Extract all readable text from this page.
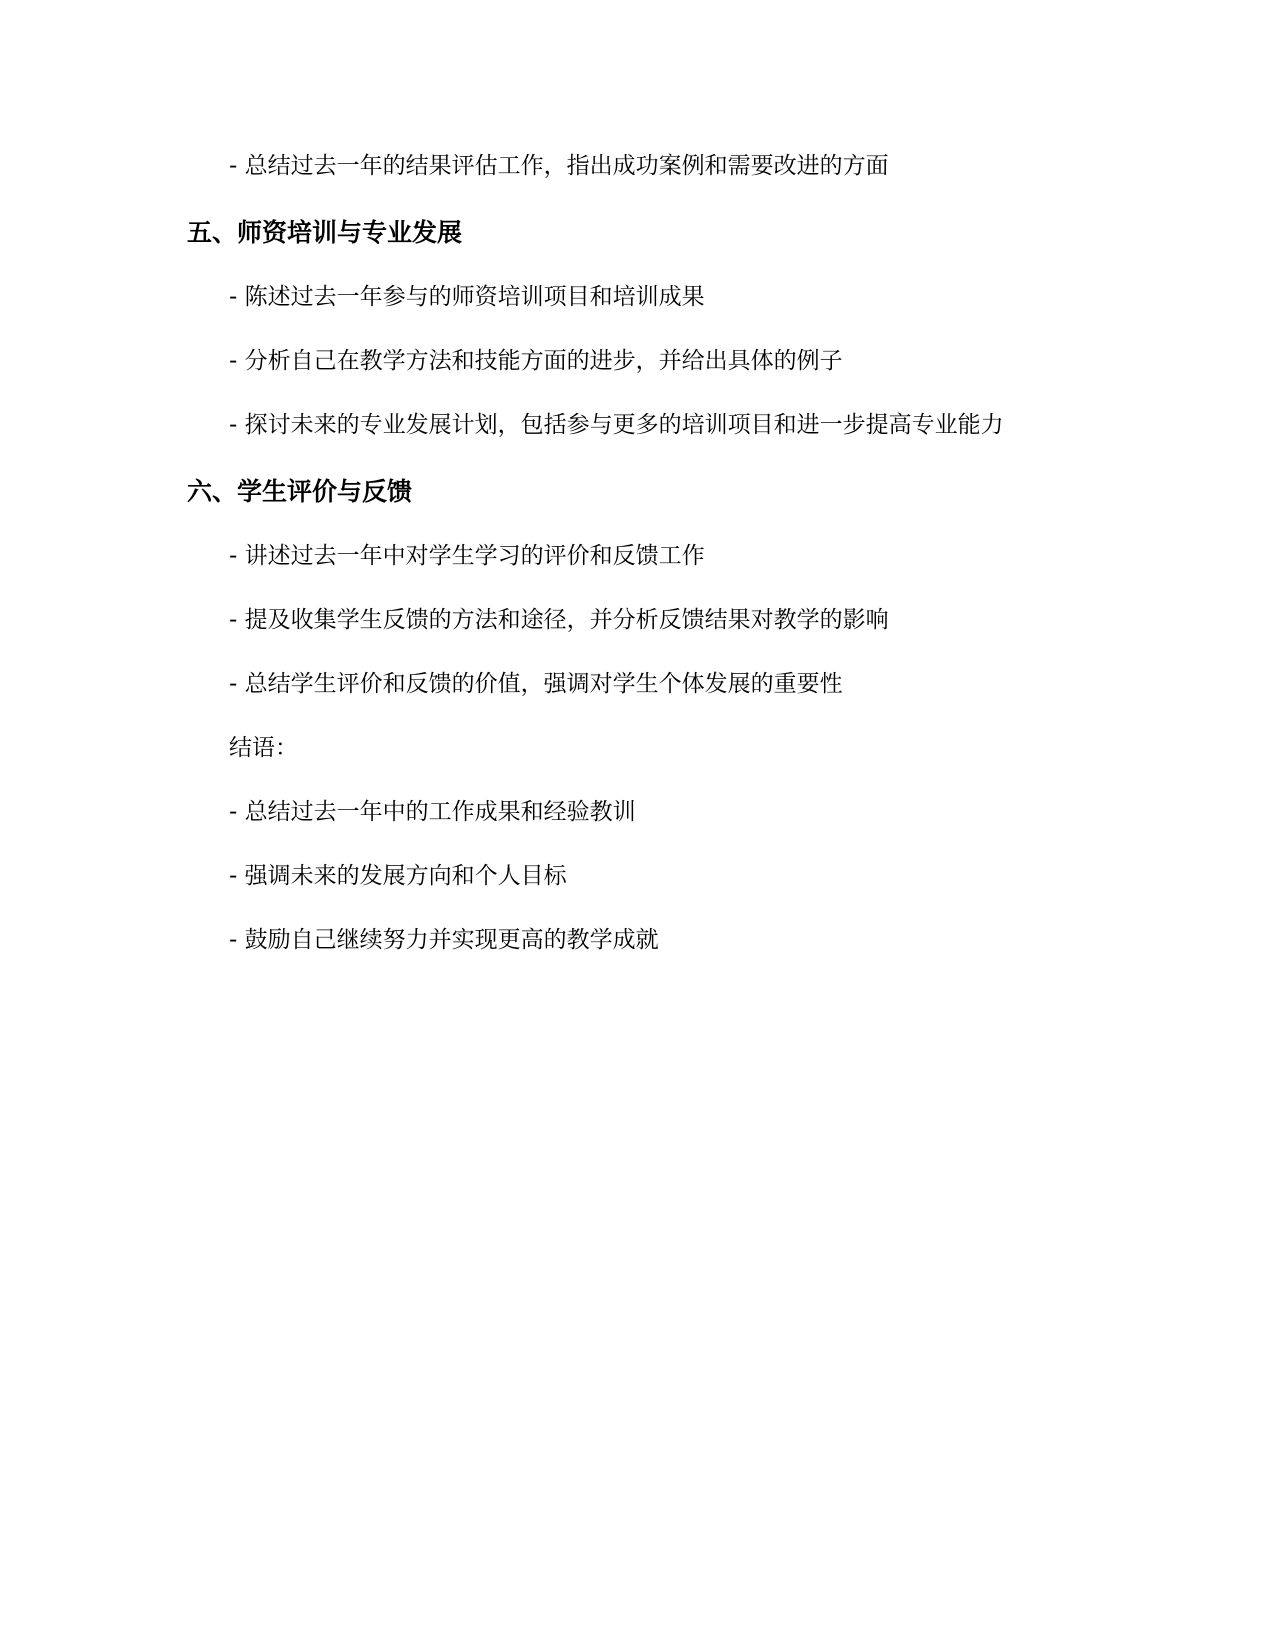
- 总结过去一年的结果评估工作，指出成功案例和需要改进的方面
五、师资培训与专业发展
- 陈述过去一年参与的师资培训项目和培训成果
- 分析自己在教学方法和技能方面的进步，并给出具体的例子
- 探讨未来的专业发展计划，包括参与更多的培训项目和进一步提高专业能力
六、学生评价与反馈
- 讲述过去一年中对学生学习的评价和反馈工作
- 提及收集学生反馈的方法和途径，并分析反馈结果对教学的影响
- 总结学生评价和反馈的价值，强调对学生个体发展的重要性
结语：
- 总结过去一年中的工作成果和经验教训
- 强调未来的发展方向和个人目标
- 鼓励自己继续努力并实现更高的教学成就
